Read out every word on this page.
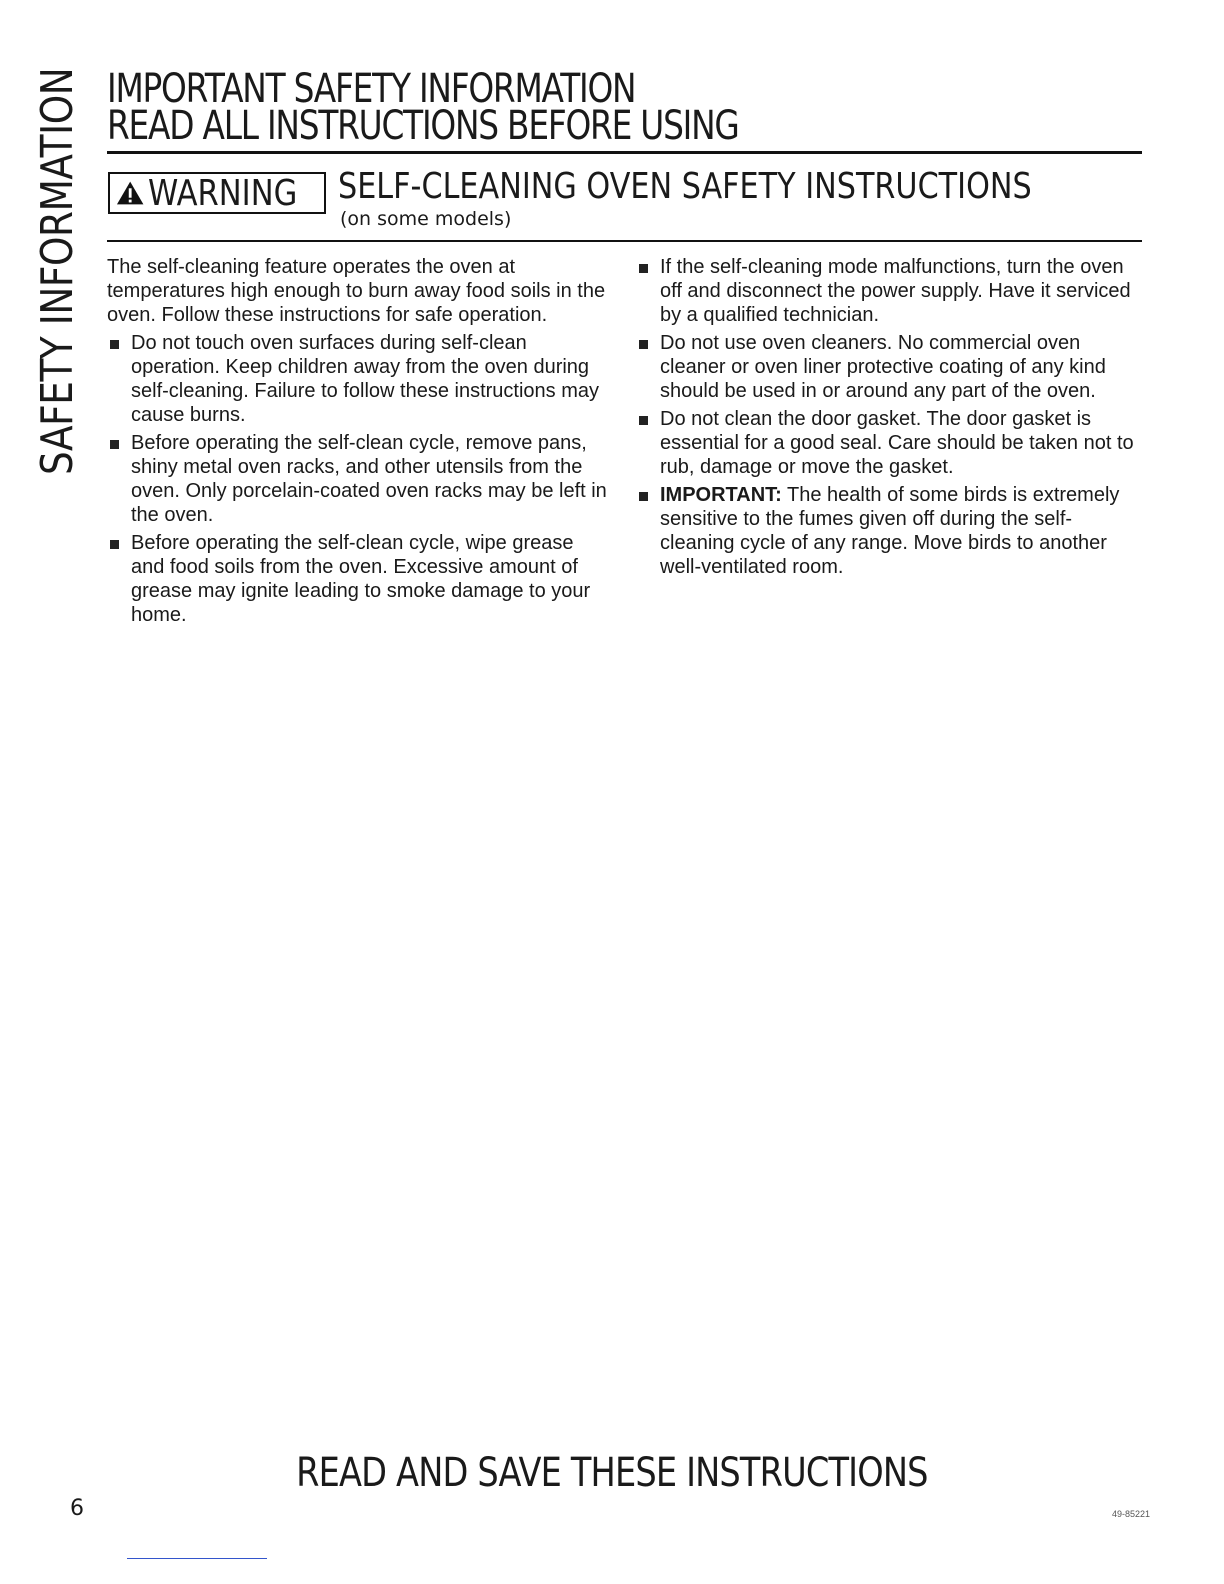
SAFETY INFORMATION IMPORTANT SAFETY INFORMATION
READ ALL INSTRUCTIONS BEFORE USING
WARNING SELF-CLEANING OVEN SAFETY INSTRUCTIONS
(on some models)

The self-cleaning feature operates the oven at temperatures high enough to burn away food soils in the oven. Follow these instructions for safe operation.

Do not touch oven surfaces during self-clean operation. Keep children away from the oven during self-cleaning. Failure to follow these instructions may cause burns.
Before operating the self-clean cycle, remove pans, shiny metal oven racks, and other utensils from the oven. Only porcelain-coated oven racks may be left in the oven.
Before operating the self-clean cycle, wipe grease and food soils from the oven. Excessive amount of grease may ignite leading to smoke damage to your home.
If the self-cleaning mode malfunctions, turn the oven off and disconnect the power supply. Have it serviced by a qualified technician.
Do not use oven cleaners. No commercial oven cleaner or oven liner protective coating of any kind should be used in or around any part of the oven.
Do not clean the door gasket. The door gasket is essential for a good seal. Care should be taken not to rub, damage or move the gasket.
IMPORTANT: The health of some birds is extremely sensitive to the fumes given off during the self-cleaning cycle of any range. Move birds to another well-ventilated room.
READ AND SAVE THESE INSTRUCTIONS
6	49-85221
